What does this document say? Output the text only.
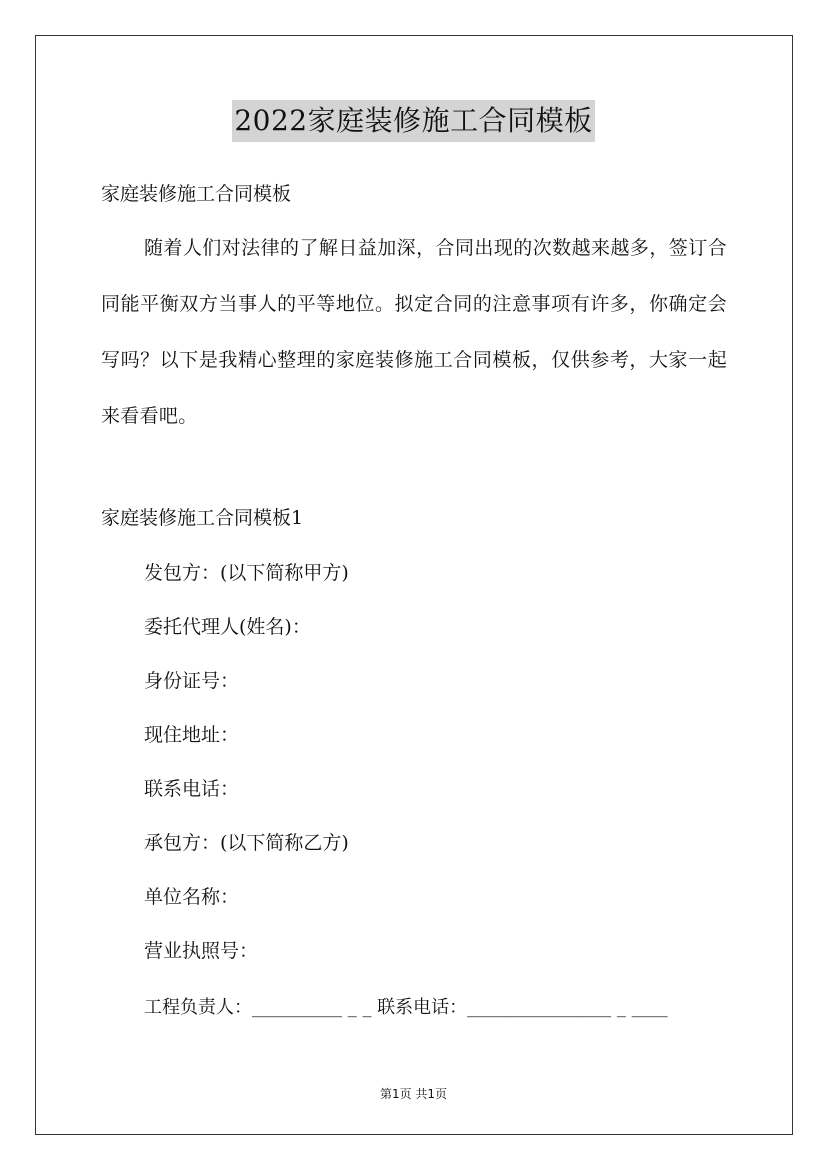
2022家庭装修施工合同模板
家庭装修施工合同模板
随着人们对法律的了解日益加深，合同出现的次数越来越多，签订合同能平衡双方当事人的平等地位。拟定合同的注意事项有许多，你确定会写吗？以下是我精心整理的家庭装修施工合同模板，仅供参考，大家一起来看看吧。
家庭装修施工合同模板1
发包方：(以下简称甲方)
委托代理人(姓名)：
身份证号：
现住地址：
联系电话：
承包方：(以下简称乙方)
单位名称：
营业执照号：
工程负责人：__________ _ _ 联系电话：________________ _ ____
第1页 共1页
